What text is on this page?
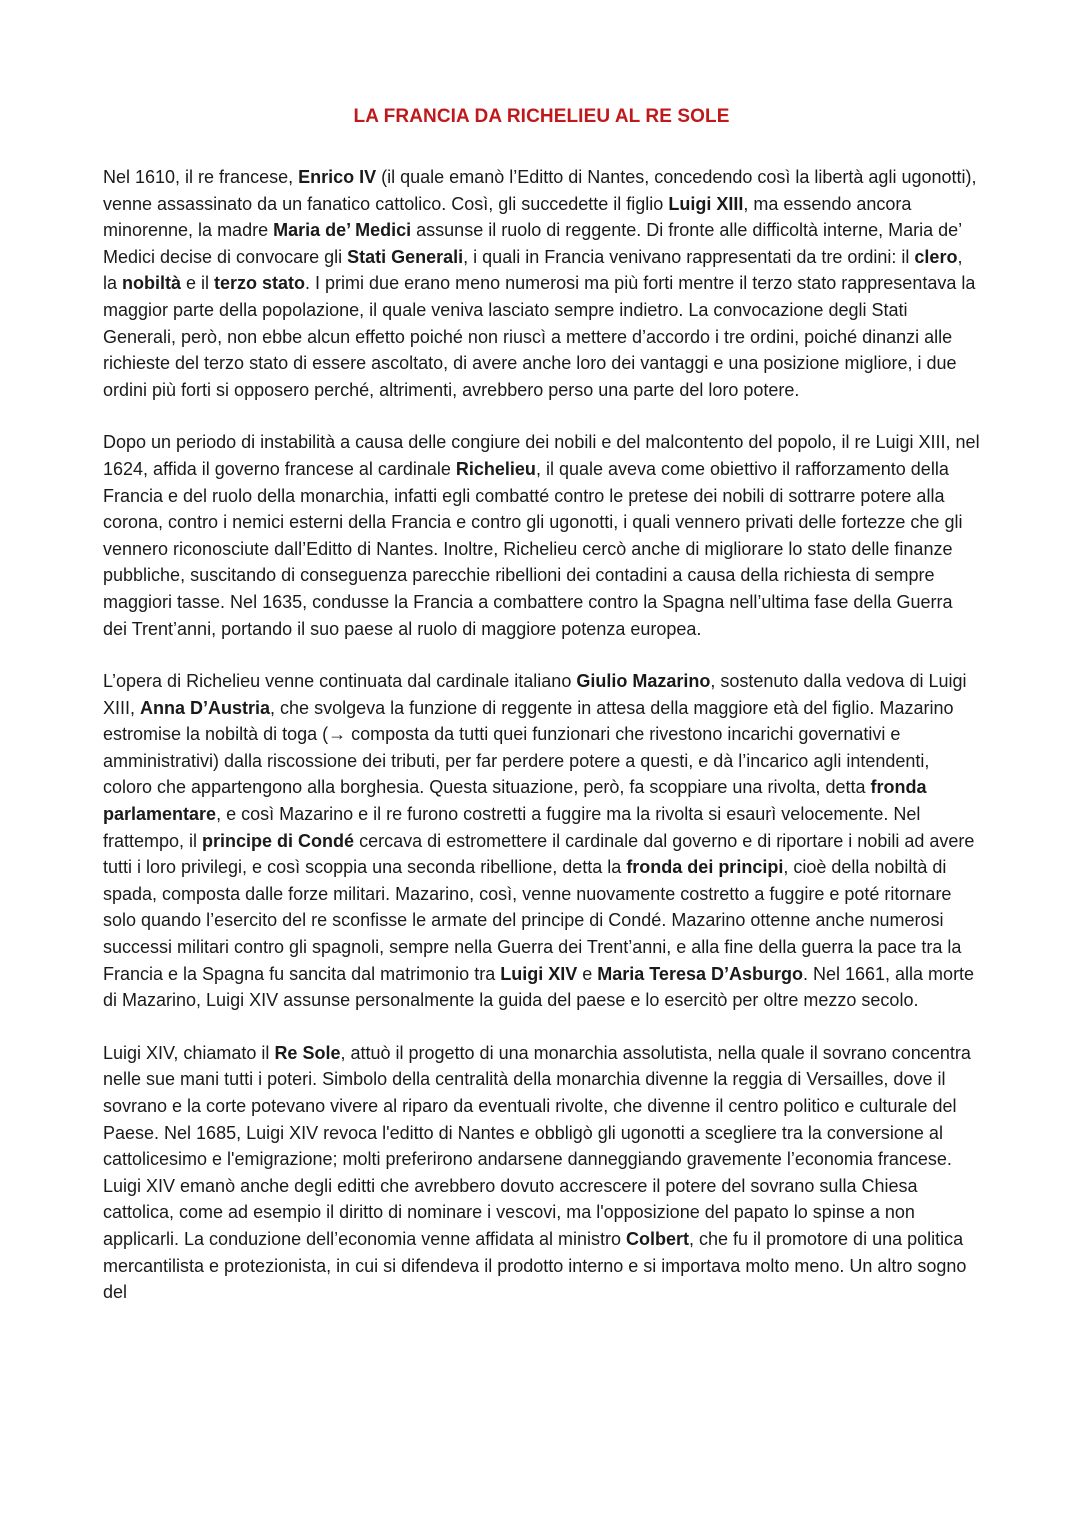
LA FRANCIA DA RICHELIEU AL RE SOLE

Nel 1610, il re francese, Enrico IV (il quale emanò l’Editto di Nantes, concedendo così la libertà agli ugonotti), venne assassinato da un fanatico cattolico. Così, gli succedette il figlio Luigi XIII, ma essendo ancora minorenne, la madre Maria de’ Medici assunse il ruolo di reggente. Di fronte alle difficoltà interne, Maria de’ Medici decise di convocare gli Stati Generali, i quali in Francia venivano rappresentati da tre ordini: il clero, la nobiltà e il terzo stato. I primi due erano meno numerosi ma più forti mentre il terzo stato rappresentava la maggior parte della popolazione, il quale veniva lasciato sempre indietro. La convocazione degli Stati Generali, però, non ebbe alcun effetto poiché non riuscì a mettere d’accordo i tre ordini, poiché dinanzi alle richieste del terzo stato di essere ascoltato, di avere anche loro dei vantaggi e una posizione migliore, i due ordini più forti si opposero perché, altrimenti, avrebbero perso una parte del loro potere.

Dopo un periodo di instabilità a causa delle congiure dei nobili e del malcontento del popolo, il re Luigi XIII, nel 1624, affida il governo francese al cardinale Richelieu, il quale aveva come obiettivo il rafforzamento della Francia e del ruolo della monarchia, infatti egli combatté contro le pretese dei nobili di sottrarre potere alla corona, contro i nemici esterni della Francia e contro gli ugonotti, i quali vennero privati delle fortezze che gli vennero riconosciute dall’Editto di Nantes. Inoltre, Richelieu cercò anche di migliorare lo stato delle finanze pubbliche, suscitando di conseguenza parecchie ribellioni dei contadini a causa della richiesta di sempre maggiori tasse. Nel 1635, condusse la Francia a combattere contro la Spagna nell’ultima fase della Guerra dei Trent’anni, portando il suo paese al ruolo di maggiore potenza europea.

L’opera di Richelieu venne continuata dal cardinale italiano Giulio Mazarino, sostenuto dalla vedova di Luigi XIII, Anna D’Austria, che svolgeva la funzione di reggente in attesa della maggiore età del figlio. Mazarino estromise la nobiltà di toga (→ composta da tutti quei funzionari che rivestono incarichi governativi e amministrativi) dalla riscossione dei tributi, per far perdere potere a questi, e dà l’incarico agli intendenti, coloro che appartengono alla borghesia. Questa situazione, però, fa scoppiare una rivolta, detta fronda parlamentare, e così Mazarino e il re furono costretti a fuggire ma la rivolta si esaurì velocemente. Nel frattempo, il principe di Condé cercava di estromettere il cardinale dal governo e di riportare i nobili ad avere tutti i loro privilegi, e così scoppia una seconda ribellione, detta la fronda dei principi, cioè della nobiltà di spada, composta dalle forze militari. Mazarino, così, venne nuovamente costretto a fuggire e poté ritornare solo quando l’esercito del re sconfisse le armate del principe di Condé. Mazarino ottenne anche numerosi successi militari contro gli spagnoli, sempre nella Guerra dei Trent’anni, e alla fine della guerra la pace tra la Francia e la Spagna fu sancita dal matrimonio tra Luigi XIV e Maria Teresa D’Asburgo. Nel 1661, alla morte di Mazarino, Luigi XIV assunse personalmente la guida del paese e lo esercitò per oltre mezzo secolo.

Luigi XIV, chiamato il Re Sole, attuò il progetto di una monarchia assolutista, nella quale il sovrano concentra nelle sue mani tutti i poteri. Simbolo della centralità della monarchia divenne la reggia di Versailles, dove il sovrano e la corte potevano vivere al riparo da eventuali rivolte, che divenne il centro politico e culturale del Paese. Nel 1685, Luigi XIV revoca l'editto di Nantes e obbligò gli ugonotti a scegliere tra la conversione al cattolicesimo e l'emigrazione; molti preferirono andarsene danneggiando gravemente l’economia francese. Luigi XIV emanò anche degli editti che avrebbero dovuto accrescere il potere del sovrano sulla Chiesa cattolica, come ad esempio il diritto di nominare i vescovi, ma l'opposizione del papato lo spinse a non applicarli. La conduzione dell’economia venne affidata al ministro Colbert, che fu il promotore di una politica mercantilista e protezionista, in cui si difendeva il prodotto interno e si importava molto meno. Un altro sogno del
